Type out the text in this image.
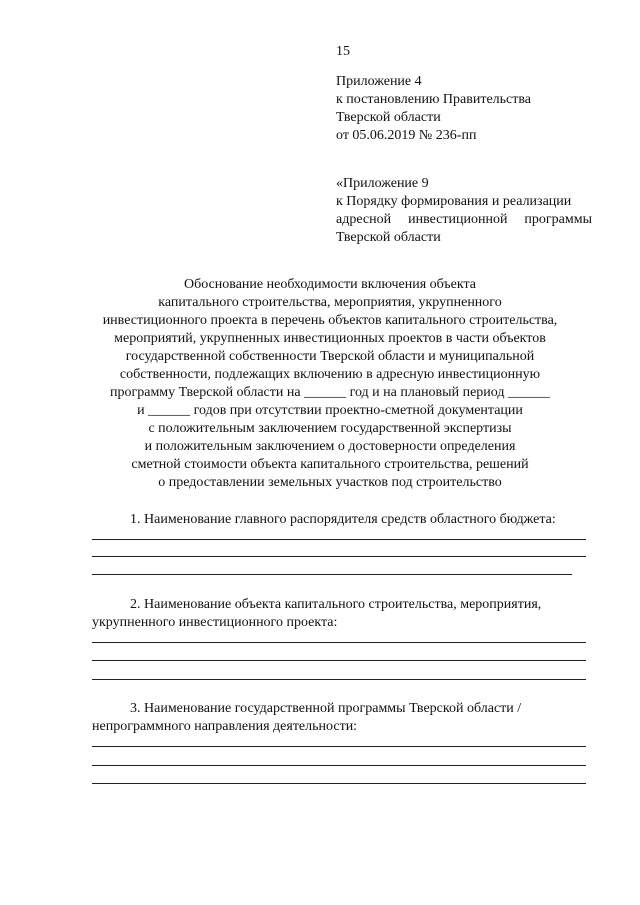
15
Приложение 4
к постановлению Правительства
Тверской области
от 05.06.2019 № 236-пп
«Приложение 9
к Порядку формирования и реализации
адресной инвестиционной программы
Тверской области
Обоснование необходимости включения объекта
капитального строительства, мероприятия, укрупненного
инвестиционного проекта в перечень объектов капитального строительства,
мероприятий, укрупненных инвестиционных проектов в части объектов
государственной собственности Тверской области и муниципальной
собственности, подлежащих включению в адресную инвестиционную
программу Тверской области на ______ год и на плановый период ______
и ______ годов при отсутствии проектно-сметной документации
с положительным заключением государственной экспертизы
и положительным заключением о достоверности определения
сметной стоимости объекта капитального строительства, решений
о предоставлении земельных участков под строительство
1. Наименование главного распорядителя средств областного бюджета:
2. Наименование объекта капитального строительства, мероприятия,
укрупненного инвестиционного проекта:
3. Наименование государственной программы Тверской области /
непрограммного направления деятельности:
